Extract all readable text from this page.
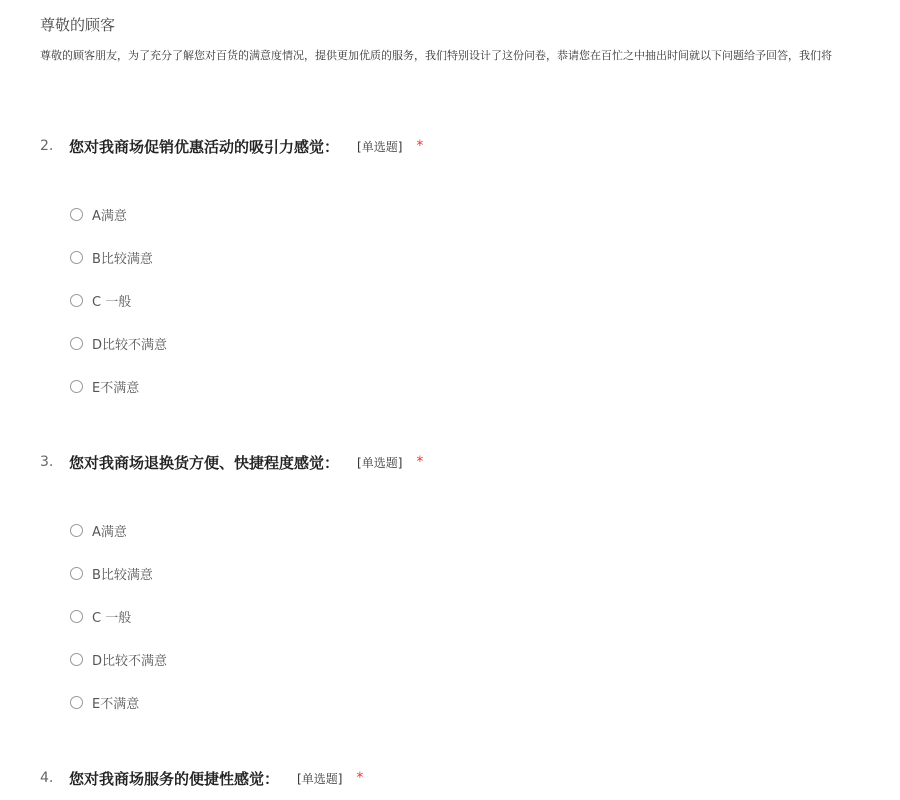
尊敬的顾客
尊敬的顾客朋友，为了充分了解您对百货的满意度情况，提供更加优质的服务，我们特别设计了这份问卷，恭请您在百忙之中抽出时间就以下问题给予回答，我们将
2.	您对我商场促销优惠活动的吸引力感觉： [单选题] *
A满意
B比较满意
C 一般
D比较不满意
E不满意
3.	您对我商场退换货方便、快捷程度感觉： [单选题] *
A满意
B比较满意
C 一般
D比较不满意
E不满意
4.	您对我商场服务的便捷性感觉： [单选题] *
